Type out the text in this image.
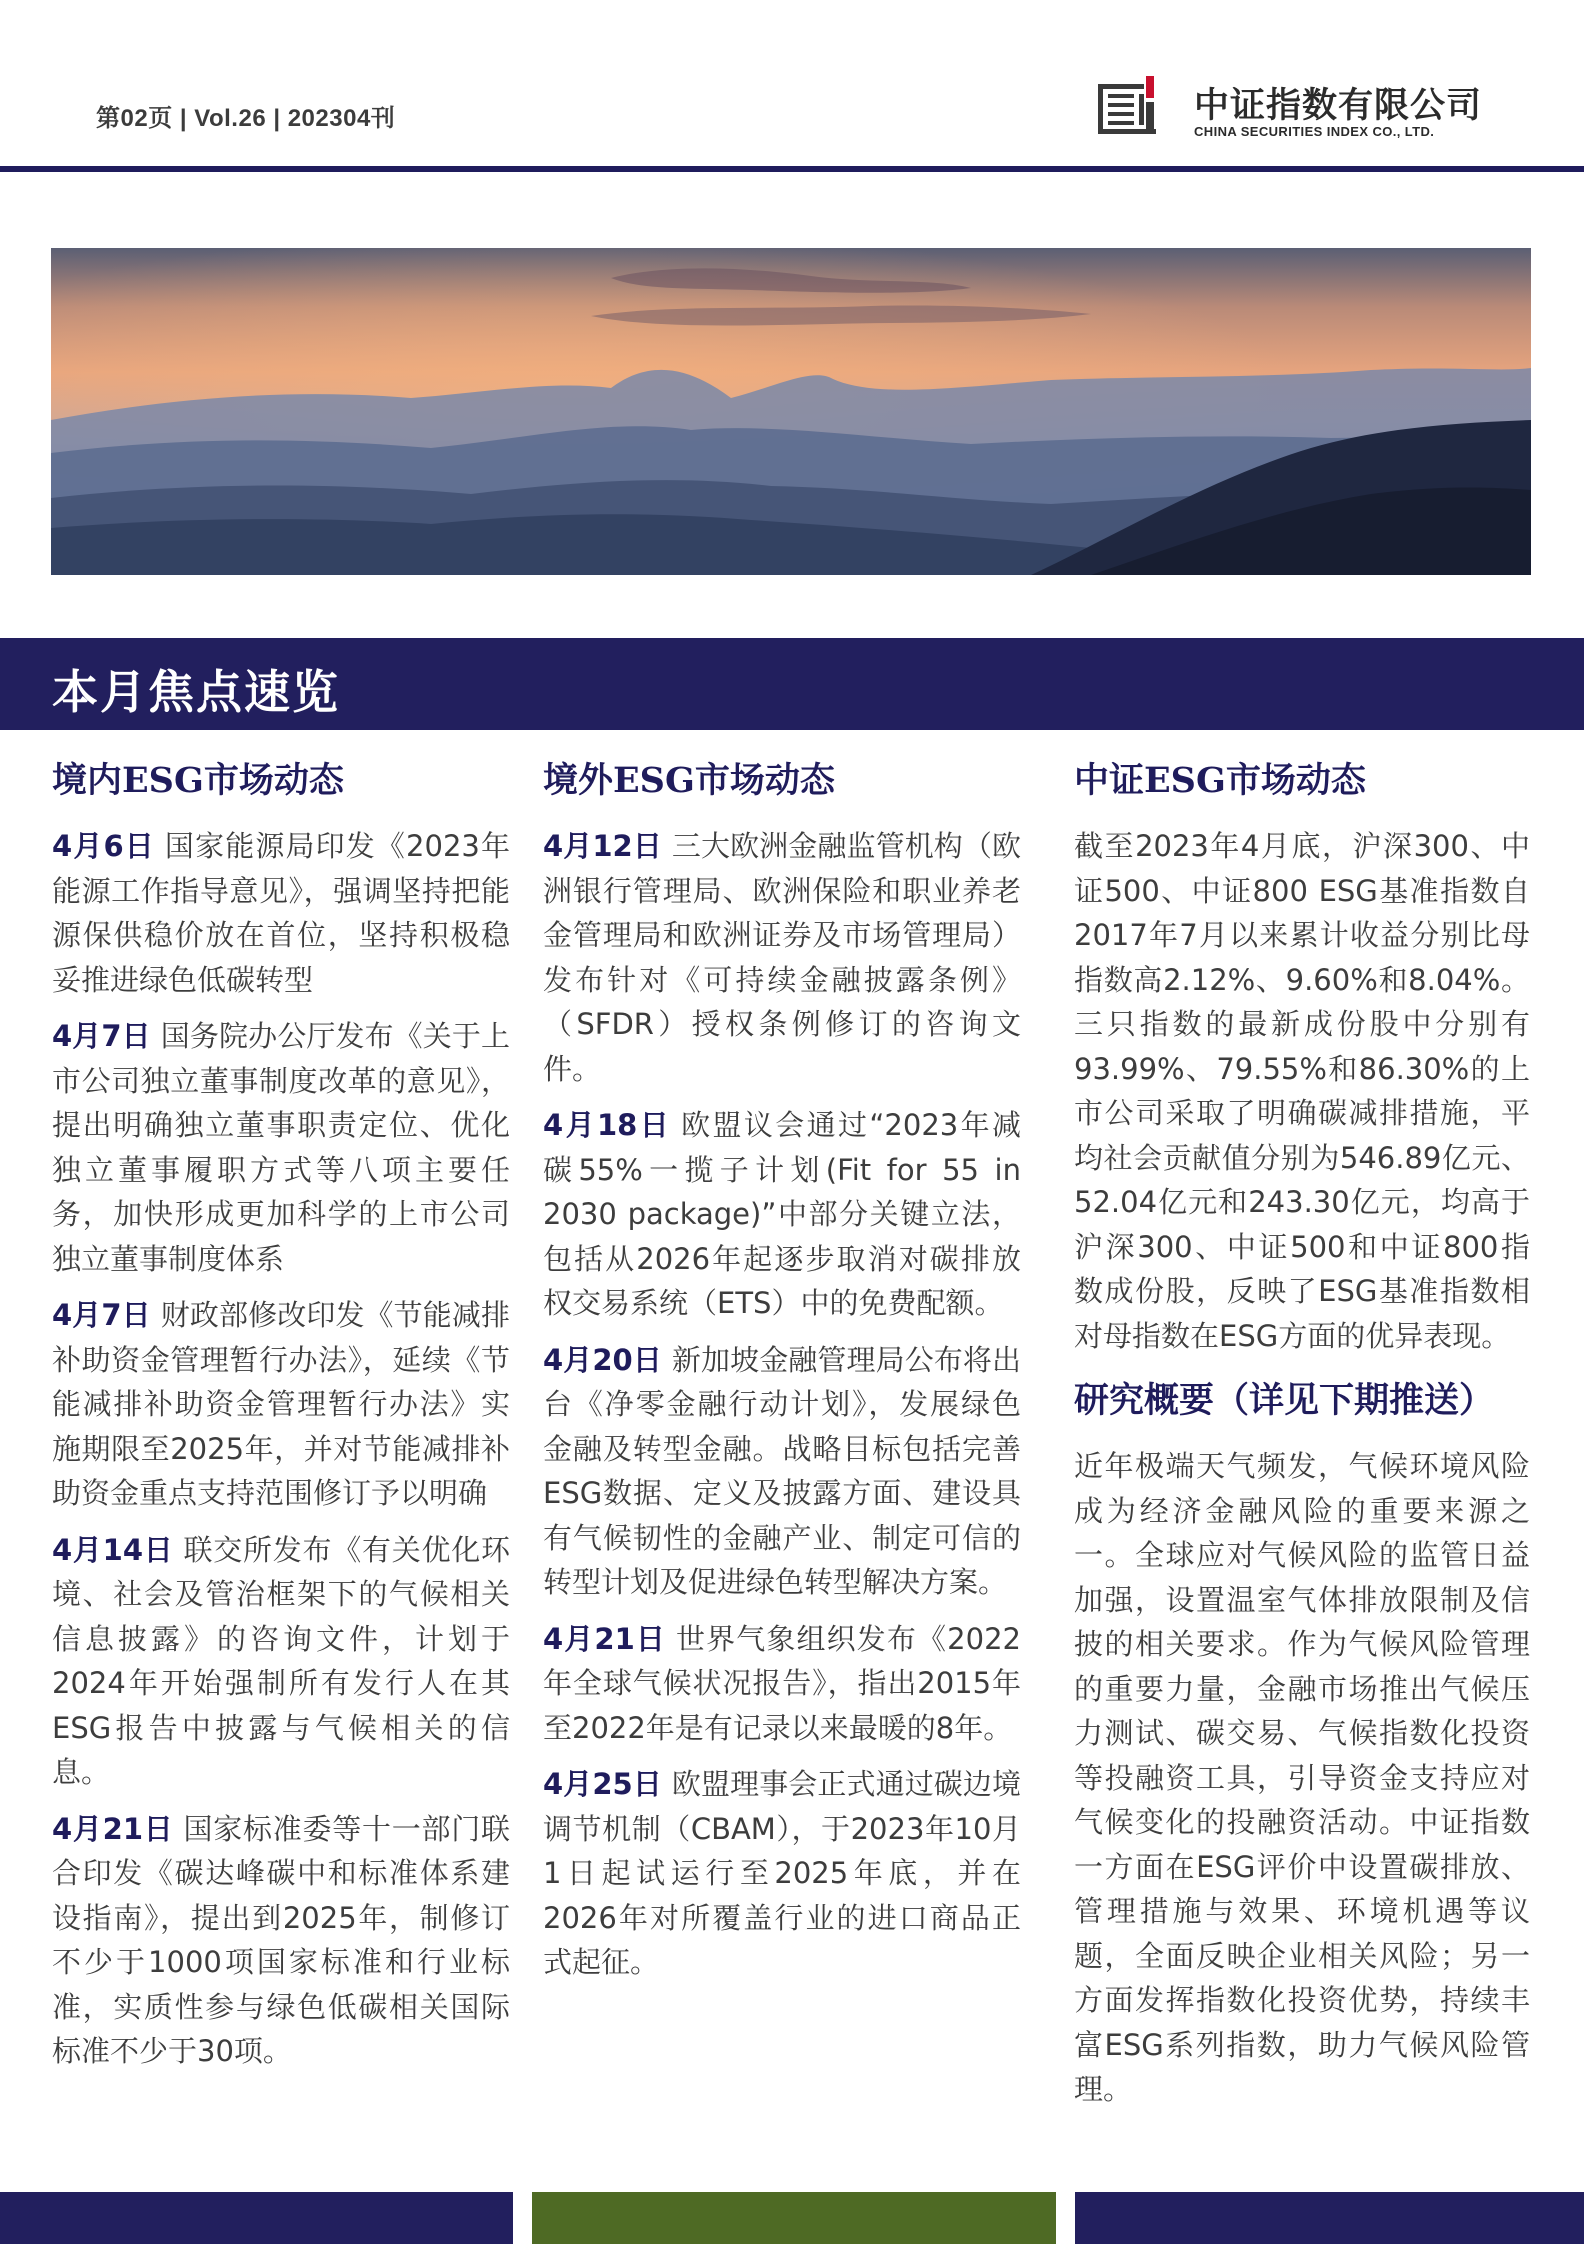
第02页 | Vol.26 | 202304刊	中证指数有限公司
CHINA SECURITIES INDEX CO., LTD.
本月焦点速览
境内ESG市场动态

4月6日 国家能源局印发《2023年能源工作指导意见》，强调坚持把能源保供稳价放在首位，坚持积极稳妥推进绿色低碳转型

4月7日 国务院办公厅发布《关于上市公司独立董事制度改革的意见》，提出明确独立董事职责定位、优化独立董事履职方式等八项主要任务，加快形成更加科学的上市公司独立董事制度体系

4月7日 财政部修改印发《节能减排补助资金管理暂行办法》，延续《节能减排补助资金管理暂行办法》实施期限至2025年，并对节能减排补助资金重点支持范围修订予以明确

4月14日 联交所发布《有关优化环境、社会及管治框架下的气候相关信息披露》的咨询文件，计划于2024年开始强制所有发行人在其ESG报告中披露与气候相关的信息。

4月21日 国家标准委等十一部门联合印发《碳达峰碳中和标准体系建设指南》，提出到2025年，制修订不少于1000项国家标准和行业标准，实质性参与绿色低碳相关国际标准不少于30项。

境外ESG市场动态

4月12日 三大欧洲金融监管机构（欧洲银行管理局、欧洲保险和职业养老金管理局和欧洲证券及市场管理局）发布针对《可持续金融披露条例》（SFDR）授权条例修订的咨询文件。

4月18日 欧盟议会通过“2023年减碳55%一揽子计划(Fit for 55 in 2030 package)”中部分关键立法，包括从2026年起逐步取消对碳排放权交易系统（ETS）中的免费配额。

4月20日 新加坡金融管理局公布将出台《净零金融行动计划》，发展绿色金融及转型金融。战略目标包括完善ESG数据、定义及披露方面、建设具有气候韧性的金融产业、制定可信的转型计划及促进绿色转型解决方案。

4月21日 世界气象组织发布《2022年全球气候状况报告》，指出2015年至2022年是有记录以来最暖的8年。

4月25日 欧盟理事会正式通过碳边境调节机制（CBAM），于2023年10月1日起试运行至2025年底，并在2026年对所覆盖行业的进口商品正式起征。

中证ESG市场动态

截至2023年4月底，沪深300、中证500、中证800 ESG基准指数自2017年7月以来累计收益分别比母指数高2.12%、9.60%和8.04%。三只指数的最新成份股中分别有93.99%、79.55%和86.30%的上市公司采取了明确碳减排措施，平均社会贡献值分别为546.89亿元、52.04亿元和243.30亿元，均高于沪深300、中证500和中证800指数成份股，反映了ESG基准指数相对母指数在ESG方面的优异表现。

研究概要（详见下期推送）

近年极端天气频发，气候环境风险成为经济金融风险的重要来源之一。全球应对气候风险的监管日益加强，设置温室气体排放限制及信披的相关要求。作为气候风险管理的重要力量，金融市场推出气候压力测试、碳交易、气候指数化投资等投融资工具，引导资金支持应对气候变化的投融资活动。中证指数一方面在ESG评价中设置碳排放、管理措施与效果、环境机遇等议题，全面反映企业相关风险；另一方面发挥指数化投资优势，持续丰富ESG系列指数，助力气候风险管理。
